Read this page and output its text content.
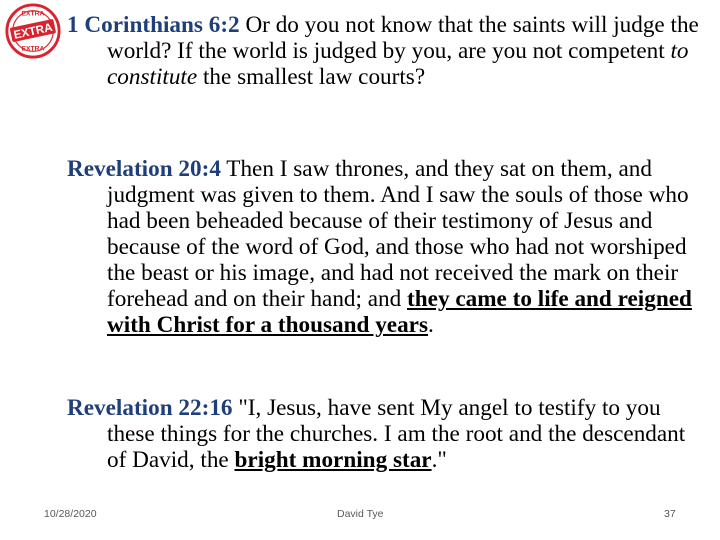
EXTRA
EXTRA
EXTRA
1 Corinthians 6:2 Or do you not know that the saints will judge the world? If the world is judged by you, are you not competent to constitute the smallest law courts?
Revelation 20:4 Then I saw thrones, and they sat on them, and judgment was given to them. And I saw the souls of those who had been beheaded because of their testimony of Jesus and because of the word of God, and those who had not worshiped the beast or his image, and had not received the mark on their forehead and on their hand; and they came to life and reigned with Christ for a thousand years.
Revelation 22:16 "I, Jesus, have sent My angel to testify to you these things for the churches. I am the root and the descendant of David, the bright morning star."
10/28/2020	David Tye	37
